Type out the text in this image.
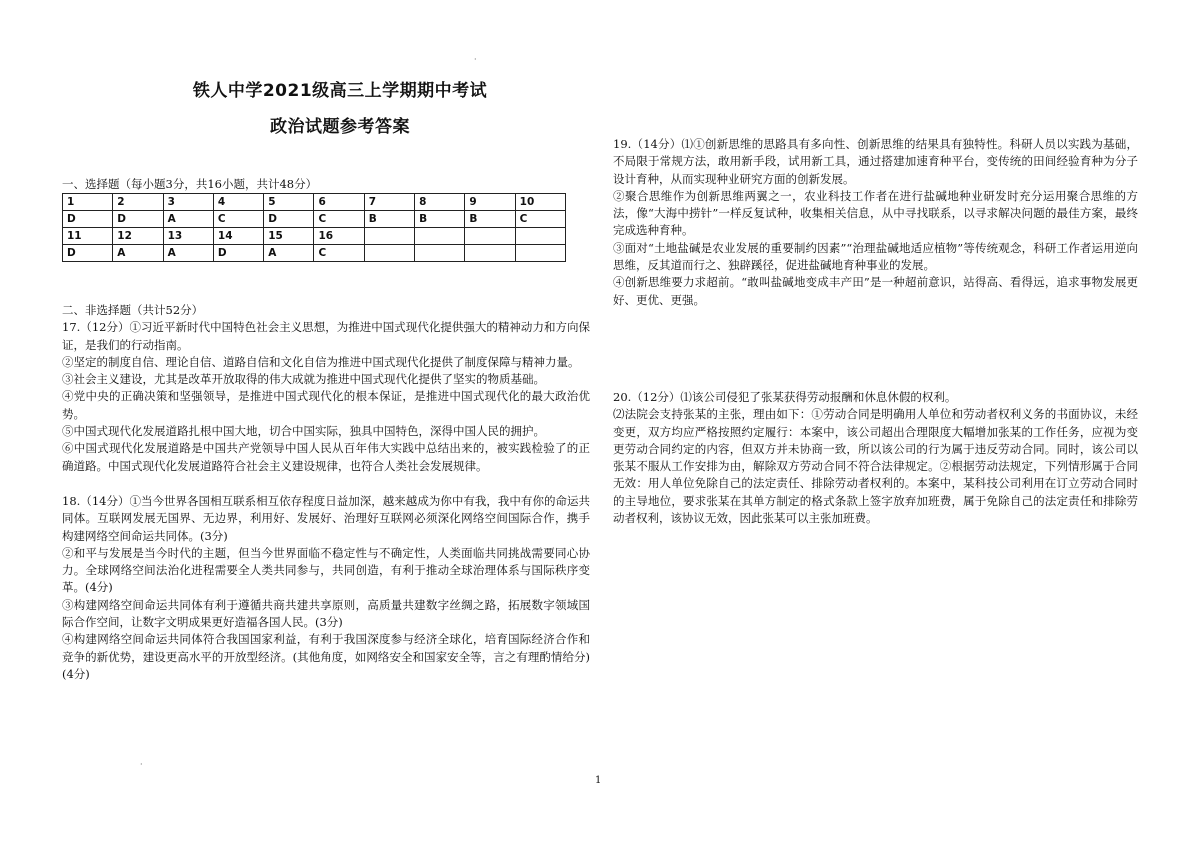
·
·
铁人中学2021级高三上学期期中考试
政治试题参考答案
一、选择题（每小题3分，共16小题，共计48分）
1	2	3	4	5	6	7	8	9	10
D	D	A	C	D	C	B	B	B	C
11	12	13	14	15	16				
D	A	A	D	A	C				

二、非选择题（共计52分）

17.（12分）①习近平新时代中国特色社会主义思想，为推进中国式现代化提供强大的精神动力和方向保证，是我们的行动指南。

②坚定的制度自信、理论自信、道路自信和文化自信为推进中国式现代化提供了制度保障与精神力量。

③社会主义建设，尤其是改革开放取得的伟大成就为推进中国式现代化提供了坚实的物质基础。

④党中央的正确决策和坚强领导，是推进中国式现代化的根本保证，是推进中国式现代化的最大政治优势。

⑤中国式现代化发展道路扎根中国大地，切合中国实际，独具中国特色，深得中国人民的拥护。

⑥中国式现代化发展道路是中国共产党领导中国人民从百年伟大实践中总结出来的，被实践检验了的正确道路。中国式现代化发展道路符合社会主义建设规律，也符合人类社会发展规律。

18.（14分）①当今世界各国相互联系相互依存程度日益加深，越来越成为你中有我，我中有你的命运共同体。互联网发展无国界、无边界，利用好、发展好、治理好互联网必须深化网络空间国际合作，携手构建网络空间命运共同体。(3分)

②和平与发展是当今时代的主题，但当今世界面临不稳定性与不确定性，人类面临共同挑战需要同心协力。全球网络空间法治化进程需要全人类共同参与，共同创造，有利于推动全球治理体系与国际秩序变革。(4分)

③构建网络空间命运共同体有利于遵循共商共建共享原则，高质量共建数字丝绸之路，拓展数字领域国际合作空间，让数字文明成果更好造福各国人民。(3分)

④构建网络空间命运共同体符合我国国家利益，有利于我国深度参与经济全球化，培育国际经济合作和竞争的新优势，建设更高水平的开放型经济。(其他角度，如网络安全和国家安全等，言之有理酌情给分)(4分)

19.（14分）⑴①创新思维的思路具有多向性、创新思维的结果具有独特性。科研人员以实践为基础，不局限于常规方法，敢用新手段，试用新工具，通过搭建加速育种平台，变传统的田间经验育种为分子设计育种，从而实现种业研究方面的创新发展。

②聚合思维作为创新思维两翼之一，农业科技工作者在进行盐碱地种业研发时充分运用聚合思维的方法，像“大海中捞针”一样反复试种，收集相关信息，从中寻找联系，以寻求解决问题的最佳方案，最终完成选种育种。

③面对“土地盐碱是农业发展的重要制约因素”“治理盐碱地适应植物”等传统观念，科研工作者运用逆向思维，反其道而行之、独辟蹊径，促进盐碱地育种事业的发展。

④创新思维要力求超前。“敢叫盐碱地变成丰产田”是一种超前意识，站得高、看得远，追求事物发展更好、更优、更强。

20.（12分）⑴该公司侵犯了张某获得劳动报酬和休息休假的权利。

⑵法院会支持张某的主张，理由如下：①劳动合同是明确用人单位和劳动者权利义务的书面协议，未经变更，双方均应严格按照约定履行：本案中，该公司超出合理限度大幅增加张某的工作任务，应视为变更劳动合同约定的内容，但双方并未协商一致，所以该公司的行为属于违反劳动合同。同时，该公司以张某不服从工作安排为由，解除双方劳动合同不符合法律规定。②根据劳动法规定，下列情形属于合同无效：用人单位免除自己的法定责任、排除劳动者权利的。本案中，某科技公司利用在订立劳动合同时的主导地位，要求张某在其单方制定的格式条款上签字放弃加班费，属于免除自己的法定责任和排除劳动者权利，该协议无效，因此张某可以主张加班费。

1
